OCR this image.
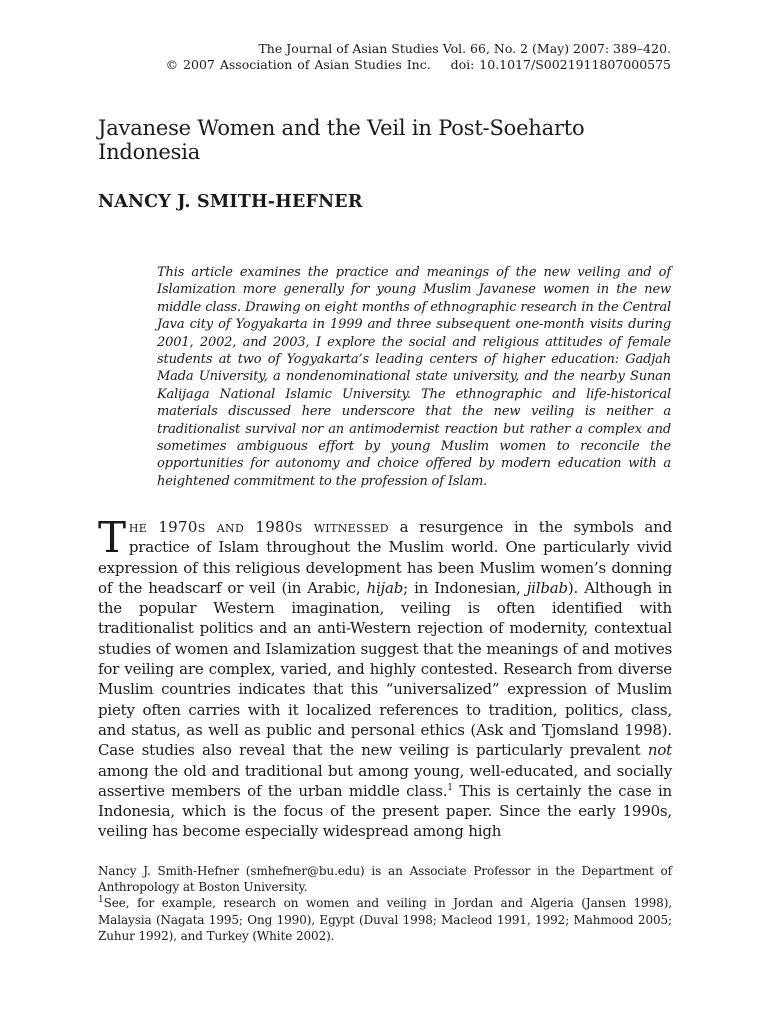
The Journal of Asian Studies Vol. 66, No. 2 (May) 2007: 389–420.
© 2007 Association of Asian Studies Inc. doi: 10.1017/S0021911807000575
Javanese Women and the Veil in Post-Soeharto Indonesia
NANCY J. SMITH-HEFNER

This article examines the practice and meanings of the new veiling and of Islamization more generally for young Muslim Javanese women in the new middle class. Drawing on eight months of ethnographic research in the Central Java city of Yogyakarta in 1999 and three subsequent one-month visits during 2001, 2002, and 2003, I explore the social and religious attitudes of female students at two of Yogyakarta’s leading centers of higher education: Gadjah Mada University, a nondenominational state university, and the nearby Sunan Kalijaga National Islamic University. The ethnographic and life-historical materials discussed here underscore that the new veiling is neither a traditionalist survival nor an antimodernist reaction but rather a complex and sometimes ambiguous effort by young Muslim women to reconcile the opportunities for autonomy and choice offered by modern education with a heightened commitment to the profession of Islam.

The 1970s and 1980s witnessed a resurgence in the symbols and practice of Islam throughout the Muslim world. One particularly vivid expression of this religious development has been Muslim women’s donning of the headscarf or veil (in Arabic, hijab; in Indonesian, jilbab). Although in the popular Western imagination, veiling is often identified with traditionalist politics and an anti-Western rejection of modernity, contextual studies of women and Islamization suggest that the meanings of and motives for veiling are complex, varied, and highly contested. Research from diverse Muslim countries indicates that this “universalized” expression of Muslim piety often carries with it localized references to tradition, politics, class, and status, as well as public and personal ethics (Ask and Tjomsland 1998). Case studies also reveal that the new veiling is particularly prevalent not among the old and traditional but among young, well-educated, and socially assertive members of the urban middle class.$^1$ This is certainly the case in Indonesia, which is the focus of the present paper. Since the early 1990s, veiling has become especially widespread among high

Nancy J. Smith-Hefner (smhefner@bu.edu) is an Associate Professor in the Department of Anthropology at Boston University.

$^1$See, for example, research on women and veiling in Jordan and Algeria (Jansen 1998), Malaysia (Nagata 1995; Ong 1990), Egypt (Duval 1998; Macleod 1991, 1992; Mahmood 2005; Zuhur 1992), and Turkey (White 2002).
